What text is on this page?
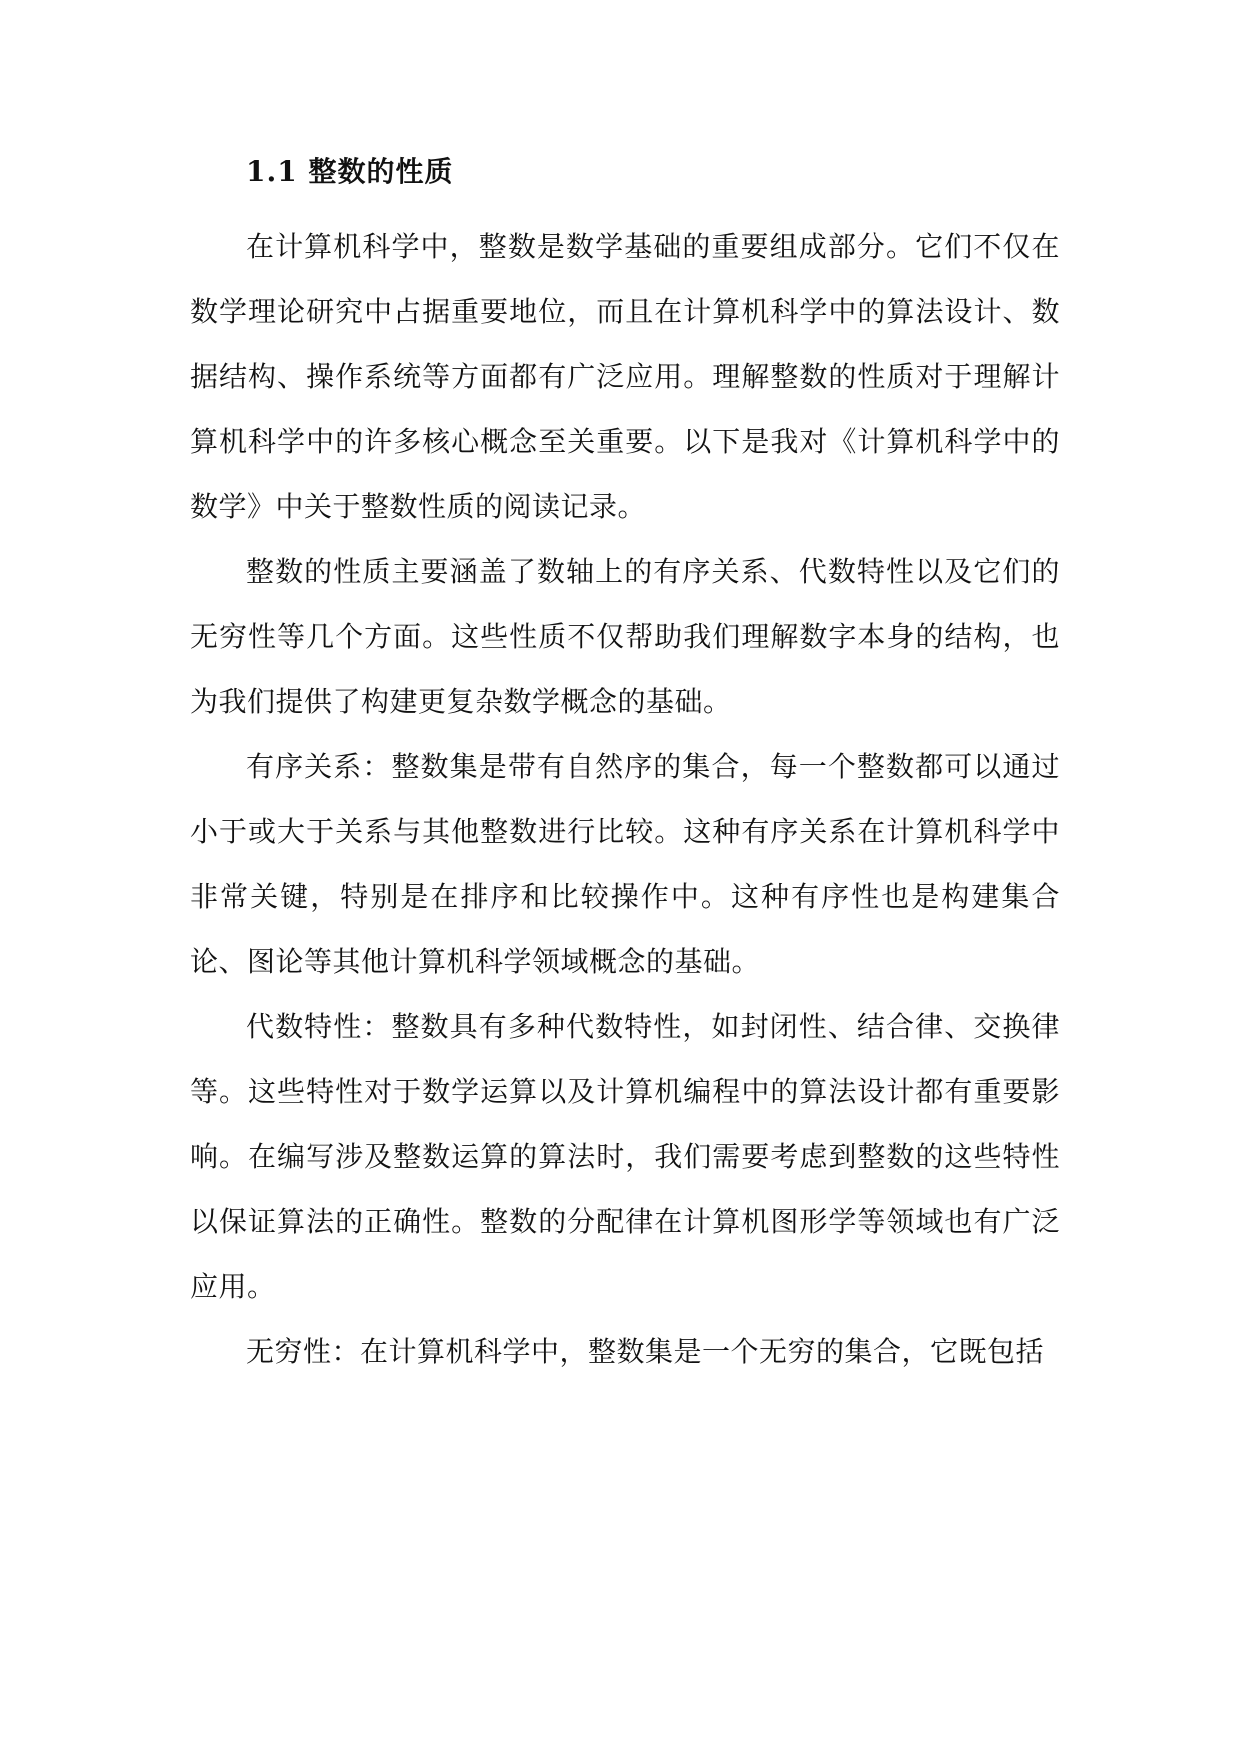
1.1 整数的性质

在计算机科学中，整数是数学基础的重要组成部分。它们不仅在数学理论研究中占据重要地位，而且在计算机科学中的算法设计、数据结构、操作系统等方面都有广泛应用。理解整数的性质对于理解计算机科学中的许多核心概念至关重要。以下是我对《计算机科学中的数学》中关于整数性质的阅读记录。

整数的性质主要涵盖了数轴上的有序关系、代数特性以及它们的无穷性等几个方面。这些性质不仅帮助我们理解数字本身的结构，也为我们提供了构建更复杂数学概念的基础。

有序关系：整数集是带有自然序的集合，每一个整数都可以通过小于或大于关系与其他整数进行比较。这种有序关系在计算机科学中非常关键，特别是在排序和比较操作中。这种有序性也是构建集合论、图论等其他计算机科学领域概念的基础。

代数特性：整数具有多种代数特性，如封闭性、结合律、交换律等。这些特性对于数学运算以及计算机编程中的算法设计都有重要影响。在编写涉及整数运算的算法时，我们需要考虑到整数的这些特性以保证算法的正确性。整数的分配律在计算机图形学等领域也有广泛应用。

无穷性：在计算机科学中，整数集是一个无穷的集合，它既包括
